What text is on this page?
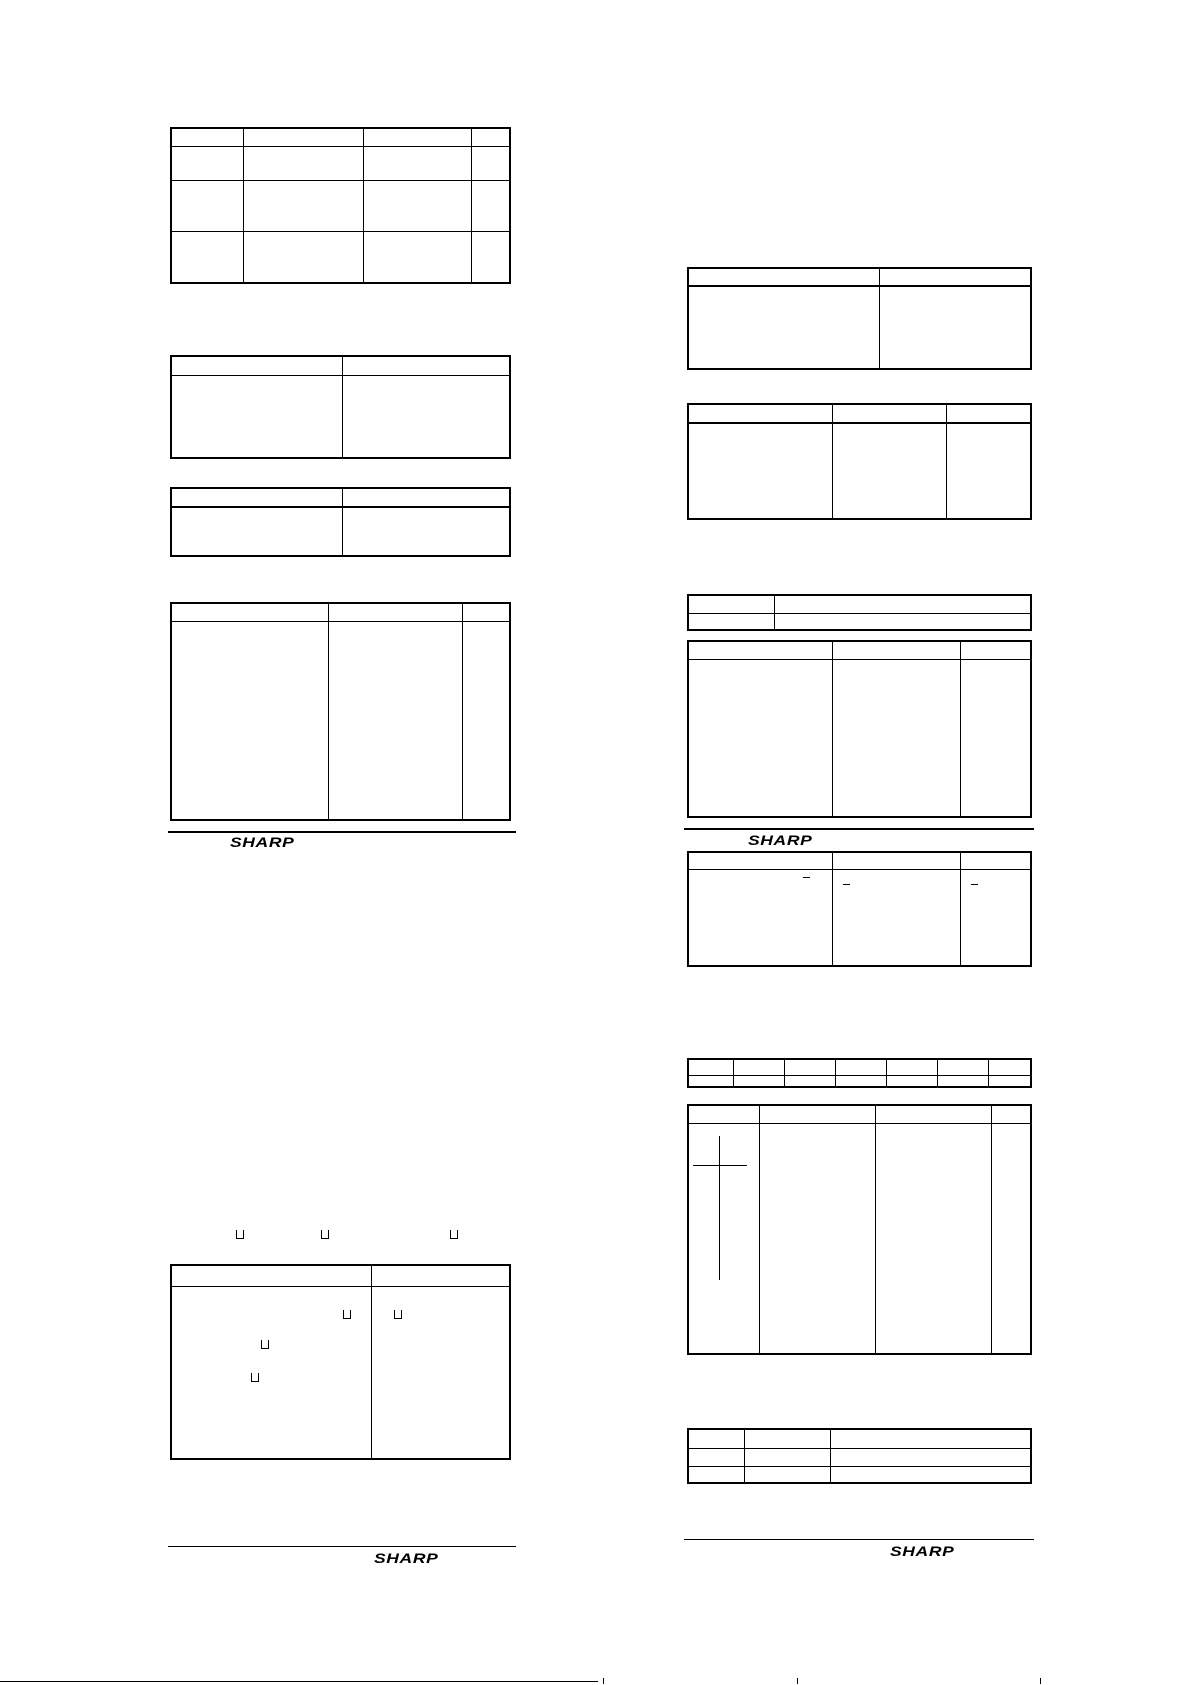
SHARP
SHARP
SHARP
SHARP
